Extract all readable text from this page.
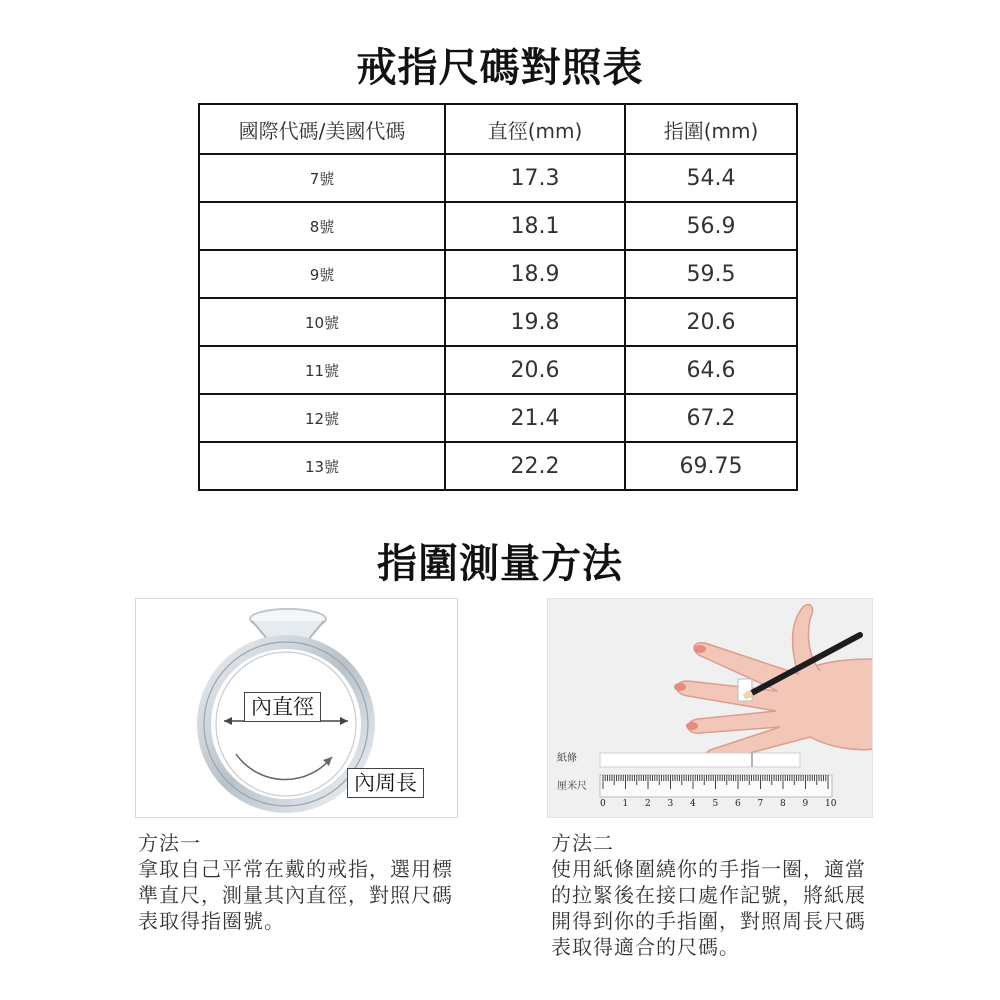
戒指尺碼對照表
國際代碼/美國代碼	直徑(mm)	指圍(mm)
7號	17.3	54.4
8號	18.1	56.9
9號	18.9	59.5
10號	19.8	20.6
11號	20.6	64.6
12號	21.4	67.2
13號	22.2	69.75
指圍測量方法
內直徑
內周長
紙條
厘米尺
0 1 2 3 4 5 6 7 8 9 10
方法一
拿取自己平常在戴的戒指，選用標準直尺，測量其內直徑，對照尺碼表取得指圈號。
方法二
使用紙條圍繞你的手指一圈，適當的拉緊後在接口處作記號，將紙展開得到你的手指圍，對照周長尺碼表取得適合的尺碼。
